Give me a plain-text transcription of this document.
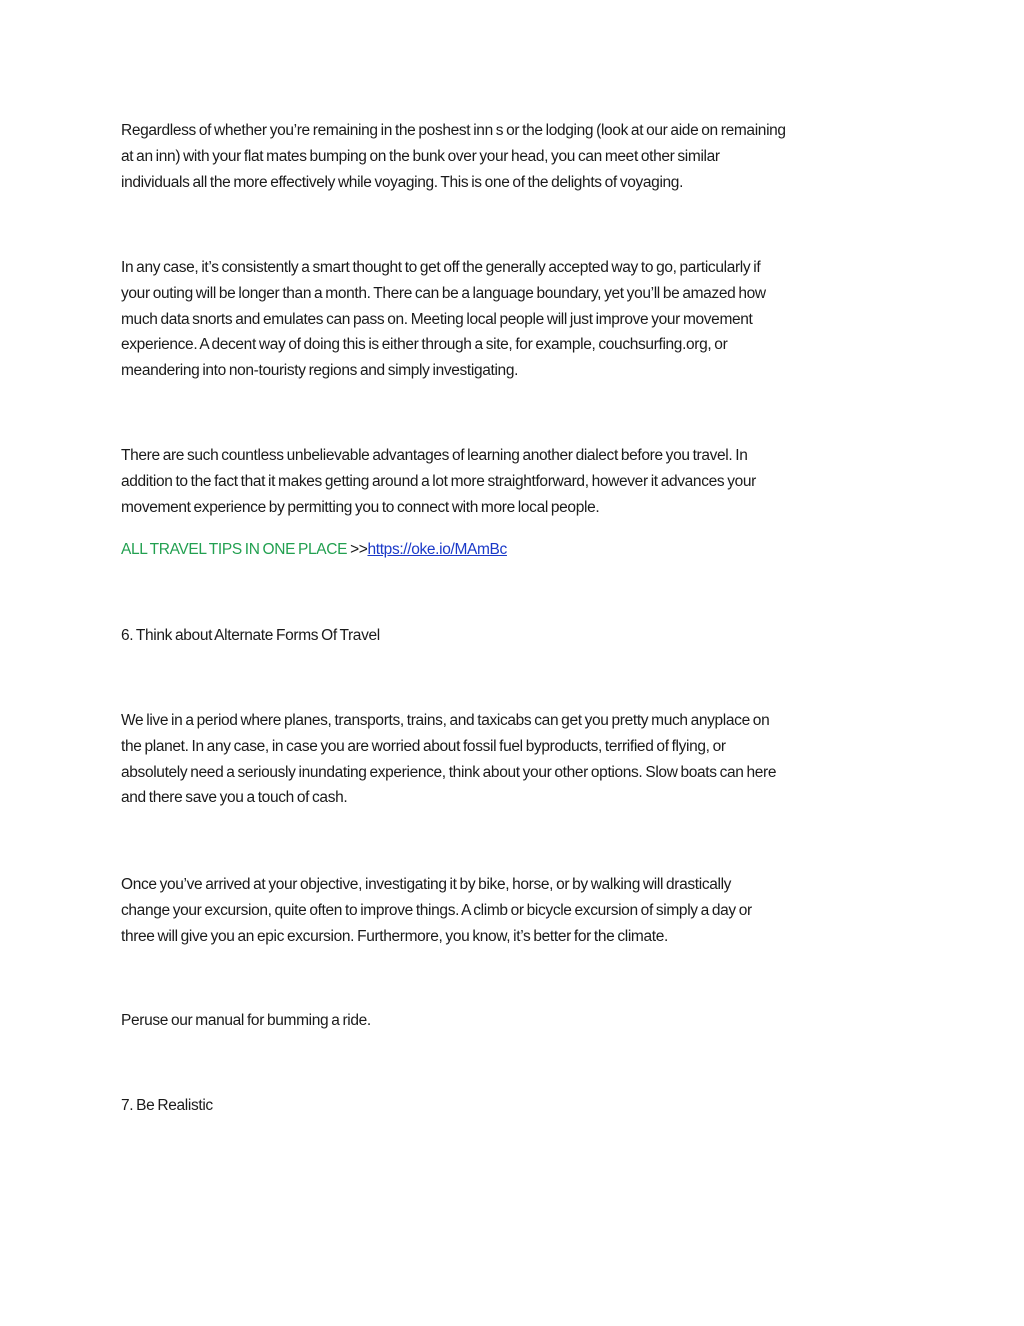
Regardless of whether you’re remaining in the poshest inn s or the lodging (look at our aide on remaining
at an inn) with your flat mates bumping on the bunk over your head, you can meet other similar
individuals all the more effectively while voyaging. This is one of the delights of voyaging.

In any case, it’s consistently a smart thought to get off the generally accepted way to go, particularly if
your outing will be longer than a month. There can be a language boundary, yet you’ll be amazed how
much data snorts and emulates can pass on. Meeting local people will just improve your movement
experience. A decent way of doing this is either through a site, for example, couchsurfing.org, or
meandering into non-touristy regions and simply investigating.

There are such countless unbelievable advantages of learning another dialect before you travel. In
addition to the fact that it makes getting around a lot more straightforward, however it advances your
movement experience by permitting you to connect with more local people.

ALL TRAVEL TIPS IN ONE PLACE >>https://oke.io/MAmBc

6. Think about Alternate Forms Of Travel

We live in a period where planes, transports, trains, and taxicabs can get you pretty much anyplace on
the planet. In any case, in case you are worried about fossil fuel byproducts, terrified of flying, or
absolutely need a seriously inundating experience, think about your other options. Slow boats can here
and there save you a touch of cash.

Once you’ve arrived at your objective, investigating it by bike, horse, or by walking will drastically
change your excursion, quite often to improve things. A climb or bicycle excursion of simply a day or
three will give you an epic excursion. Furthermore, you know, it’s better for the climate.

Peruse our manual for bumming a ride.

7. Be Realistic
